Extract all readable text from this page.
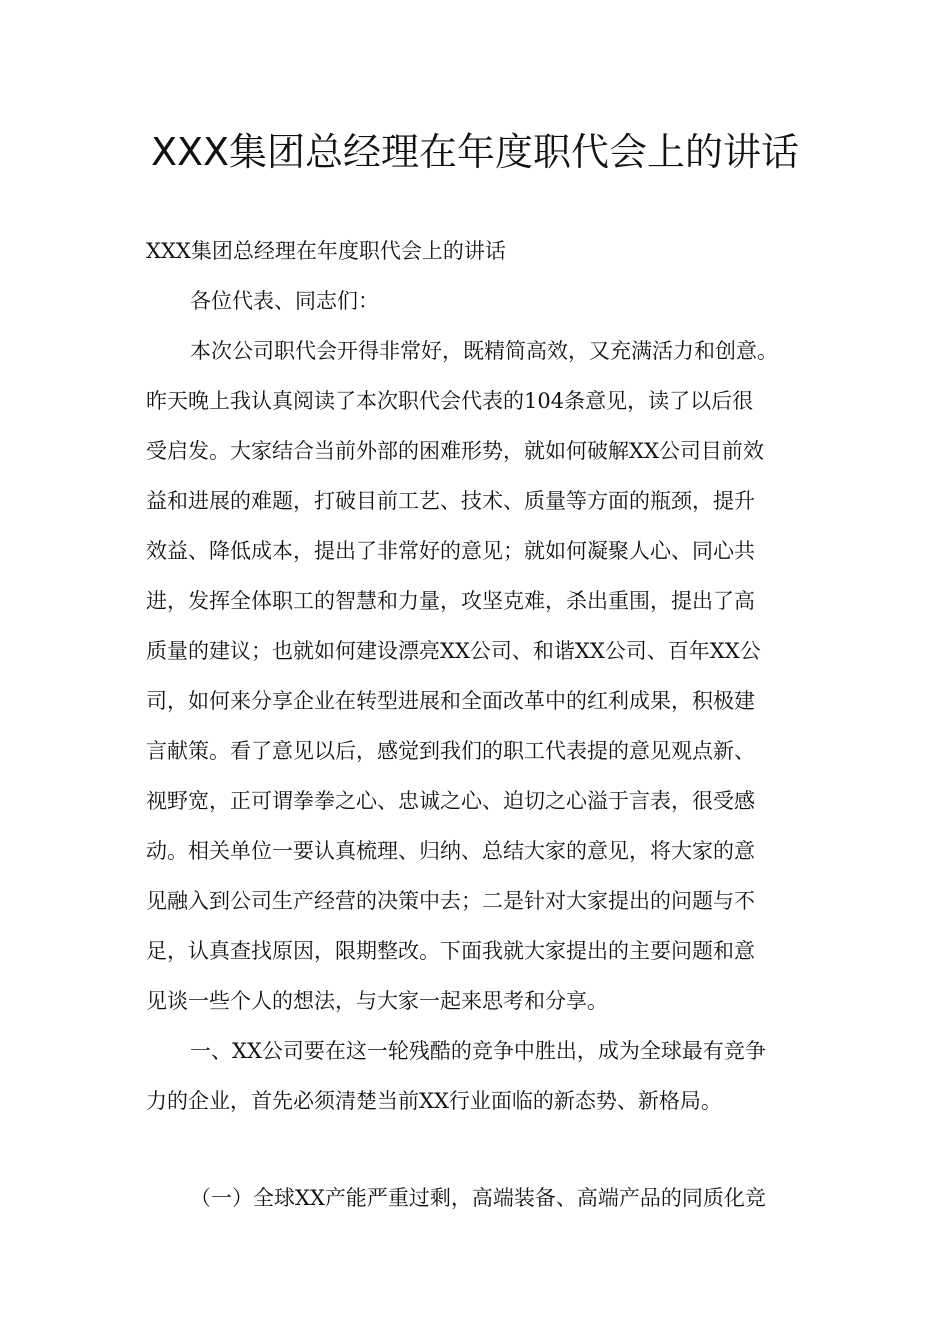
XXX集团总经理在年度职代会上的讲话
XXX集团总经理在年度职代会上的讲话
各位代表、同志们：
本次公司职代会开得非常好，既精简高效，又充满活力和创意。
昨天晚上我认真阅读了本次职代会代表的104条意见，读了以后很
受启发。大家结合当前外部的困难形势，就如何破解XX公司目前效
益和进展的难题，打破目前工艺、技术、质量等方面的瓶颈，提升
效益、降低成本，提出了非常好的意见；就如何凝聚人心、同心共
进，发挥全体职工的智慧和力量，攻坚克难，杀出重围，提出了高
质量的建议；也就如何建设漂亮XX公司、和谐XX公司、百年XX公
司，如何来分享企业在转型进展和全面改革中的红利成果，积极建
言献策。看了意见以后，感觉到我们的职工代表提的意见观点新、
视野宽，正可谓拳拳之心、忠诚之心、迫切之心溢于言表，很受感
动。相关单位一要认真梳理、归纳、总结大家的意见，将大家的意
见融入到公司生产经营的决策中去；二是针对大家提出的问题与不
足，认真查找原因，限期整改。下面我就大家提出的主要问题和意
见谈一些个人的想法，与大家一起来思考和分享。
一、XX公司要在这一轮残酷的竞争中胜出，成为全球最有竞争
力的企业，首先必须清楚当前XX行业面临的新态势、新格局。
（一）全球XX产能严重过剩，高端装备、高端产品的同质化竞
